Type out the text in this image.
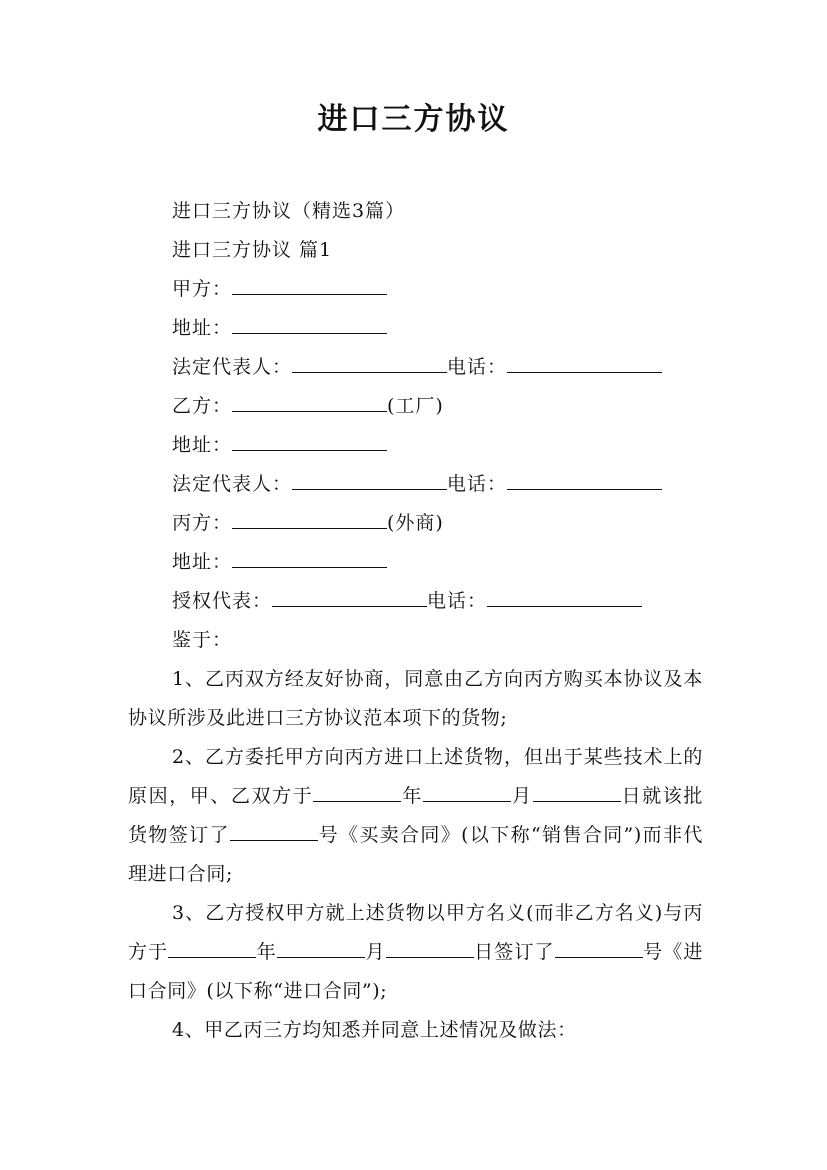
进口三方协议
进口三方协议（精选3篇）
进口三方协议 篇1
甲方：
地址：
法定代表人：	电话：
乙方：	(工厂)
地址：
法定代表人：	电话：
丙方：	(外商)
地址：
授权代表：	电话：
鉴于：
1、乙丙双方经友好协商，同意由乙方向丙方购买本协议及本协议所涉及此进口三方协议范本项下的货物;
2、乙方委托甲方向丙方进口上述货物，但出于某些技术上的原因，甲、乙双方于	年	月	日就该批货物签订了	号《买卖合同》(以下称“销售合同”)而非代理进口合同;
3、乙方授权甲方就上述货物以甲方名义(而非乙方名义)与丙方于	年	月	日签订了	号《进口合同》(以下称“进口合同”);
4、甲乙丙三方均知悉并同意上述情况及做法：
